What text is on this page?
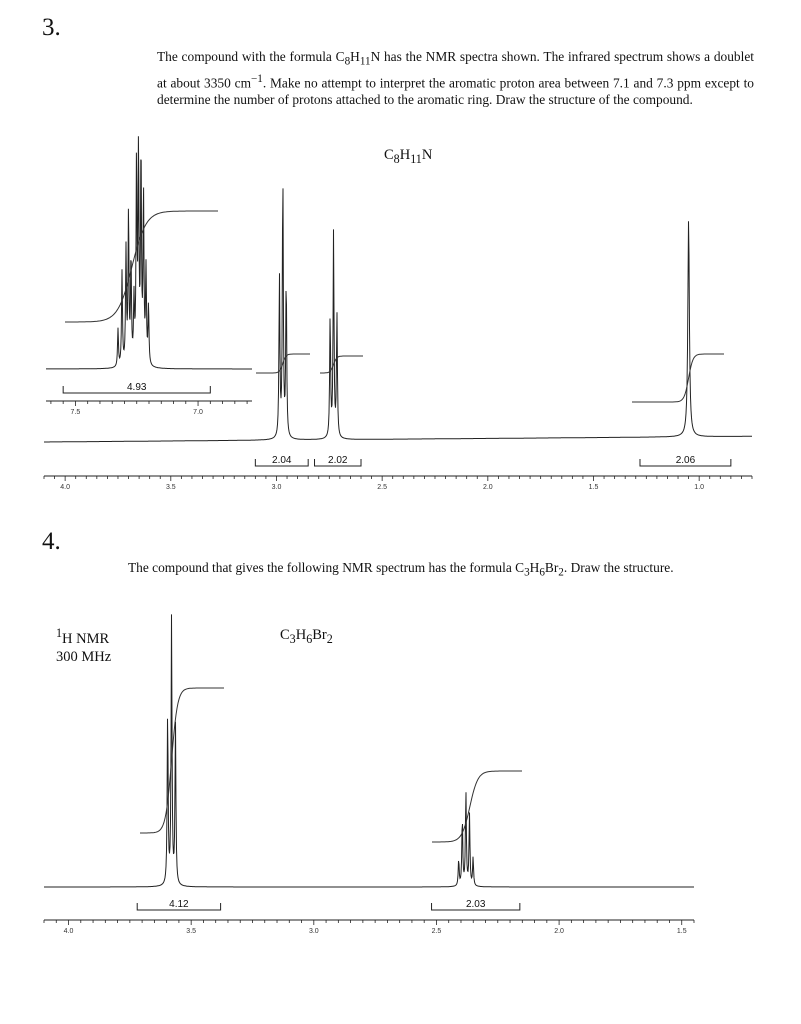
3.
The compound with the formula $C_8H_{11}N$ has the NMR spectra shown. The infrared spectrum shows a doublet at about 3350 $cm^{-1}$. Make no attempt to interpret the aromatic proton area between 7.1 and 7.3 ppm except to determine the number of protons attached to the aromatic ring. Draw the structure of the compound.
$C_8H_{11}N$
4.
The compound that gives the following NMR spectrum has the formula $C_3H_6Br_2$. Draw the structure.
$^1$H NMR
300 MHz
$C_3H_6Br_2$
2.04	2.02	2.06
4.0	3.5	3.0	2.5	2.0	1.5	1.0
4.93
7.5	7.0
4.12	2.03
4.0	3.5	3.0	2.5	2.0	1.5
